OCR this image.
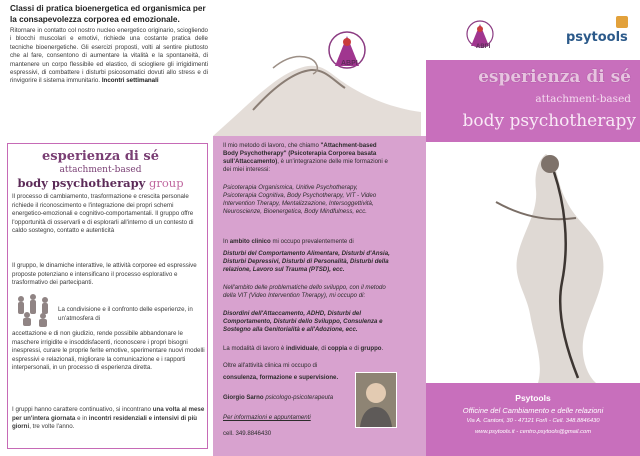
Classi di pratica bioenergetica ed organismica per la consapevolezza corporea ed emozionale.
Ritornare in contatto col nostro nucleo energetico originario, sciogliendo i blocchi muscolari e emotivi, richiede una costante pratica delle tecniche bioenergetiche. Gli esercizi proposti, volti al sentire piuttosto che al fare, consentono di aumentare la vitalità e la spontaneità, di mantenere un corpo flessibile ed elastico, di sciogliere gli irrigidimenti espressivi, di combattere i disturbi psicosomatici dovuti allo stress e di rinvigorire il sistema immunitario. Incontri settimanali
esperienza di sé
attachment-based
body psychotherapy group
Il processo di cambiamento, trasformazione e crescita personale richiede il riconoscimento e l'integrazione dei propri schemi energetico-emozionali e cognitivo-comportamentali. Il gruppo offre l'opportunità di osservarli e di esplorarli all'interno di un contesto di caldo sostegno, contatto e autenticità
Il gruppo, le dinamiche interattive, le attività corporee ed espressive proposte potenziano e intensificano il processo esplorativo e trasformativo dei partecipanti.
La condivisione e il confronto delle esperienze, in un'atmosfera di
accettazione e di non giudizio, rende possibile abbandonare le maschere irrigidite e insoddisfacenti, riconoscere i propri bisogni inespressi, curare le proprie ferite emotive, sperimentare nuovi modelli espressivi e relazionali, migliorare la comunicazione e i rapporti interpersonali, in un processo di esperienza diretta.
I gruppi hanno carattere continuativo, si incontrano una volta al mese per un'intera giornata e in incontri residenziali e intensivi di più giorni, tre volte l'anno.
ABPI
Il mio metodo di lavoro, che chiamo "Attachment-based Body Psychotherapy" (Psicoterapia Corporea basata sull'Attaccamento), è un'integrazione delle mie formazioni e dei miei interessi:
Psicoterapia Organismica, Unitive Psychotherapy, Psicoterapia Cognitiva, Body Psychotherapy, VIT - Video Intervention Therapy, Mentalizzazione, Intersoggettività, Neuroscienze, Bioenergetica, Body Mindfulness, ecc.
In ambito clinico mi occupo prevalentemente di
Disturbi del Comportamento Alimentare, Disturbi d'Ansia, Disturbi Depressivi, Disturbi di Personalità, Disturbi della relazione, Lavoro sul Trauma (PTSD), ecc.
Nell'ambito delle problematiche dello sviluppo, con il metodo della VIT (Video Intervention Therapy), mi occupo di:
Disordini dell'Attaccamento, ADHD, Disturbi del Comportamento, Disturbi dello Sviluppo, Consulenza e Sostegno alla Genitorialità e all'Adozione, ecc.
La modalità di lavoro è individuale, di coppia e di gruppo.
Oltre all'attività clinica mi occupo di
consulenza, formazione e supervisione.
Giorgio Sarno psicologo-psicoterapeuta
Per informazioni e appuntamenti
cell. 349.8846430
ABPI
psytools
esperienza di sé
attachment-based
body psychotherapy
Psytools
Officine del Cambiamento e delle relazioni
Via A. Cantoni, 30 - 47121 Forlì - Cell. 348.8846430
www.psytools.it - centro.psytools@gmail.com
